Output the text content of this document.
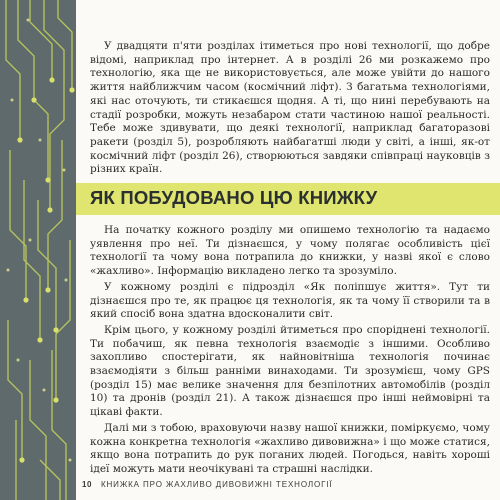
У двадцяти п'яти розділах ітиметься про нові технології, що добре відомі, наприклад про інтернет. А в розділі 26 ми розкажемо про технологію, яка ще не використовується, але може увійти до нашого життя найближчим часом (космічний ліфт). З багатьма технологіями, які нас оточують, ти стикаєшся щодня. А ті, що нині перебувають на стадії розробки, можуть незабаром стати частиною нашої реальності. Тебе може здивувати, що деякі технології, наприклад багаторазові ракети (розділ 5), розробляють найбагатші люди у світі, а інші, як-от космічний ліфт (розділ 26), створюються завдяки співпраці науковців з різних країн.

ЯК ПОБУДОВАНО ЦЮ КНИЖКУ

На початку кожного розділу ми опишемо технологію та надаємо уявлення про неї. Ти дізнаєшся, у чому полягає особливість цієї технології та чому вона потрапила до книжки, у назві якої є слово «жахливо». Інформацію викладено легко та зрозуміло.

У кожному розділі є підрозділ «Як поліпшує життя». Тут ти дізнаєшся про те, як працює ця технологія, як та чому її створили та в який спосіб вона здатна вдосконалити світ.

Крім цього, у кожному розділі йтиметься про споріднені технології. Ти побачиш, як певна технологія взаємодіє з іншими. Особливо захопливо спостерігати, як найновітніша технологія починає взаємодіяти з більш ранніми винаходами. Ти зрозумієш, чому GPS (розділ 15) має велике значення для безпілотних автомобілів (розділ 10) та дронів (розділ 21). А також дізнаєшся про інші неймовірні та цікаві факти.

Далі ми з тобою, враховуючи назву нашої книжки, поміркуємо, чому кожна конкретна технологія «жахливо дивовижна» і що може статися, якщо вона потрапить до рук поганих людей. Погодься, навіть хороші ідеї можуть мати неочікувані та страшні наслідки.

10 КНИЖКА ПРО ЖАХЛИВО ДИВОВИЖНІ ТЕХНОЛОГІЇ
